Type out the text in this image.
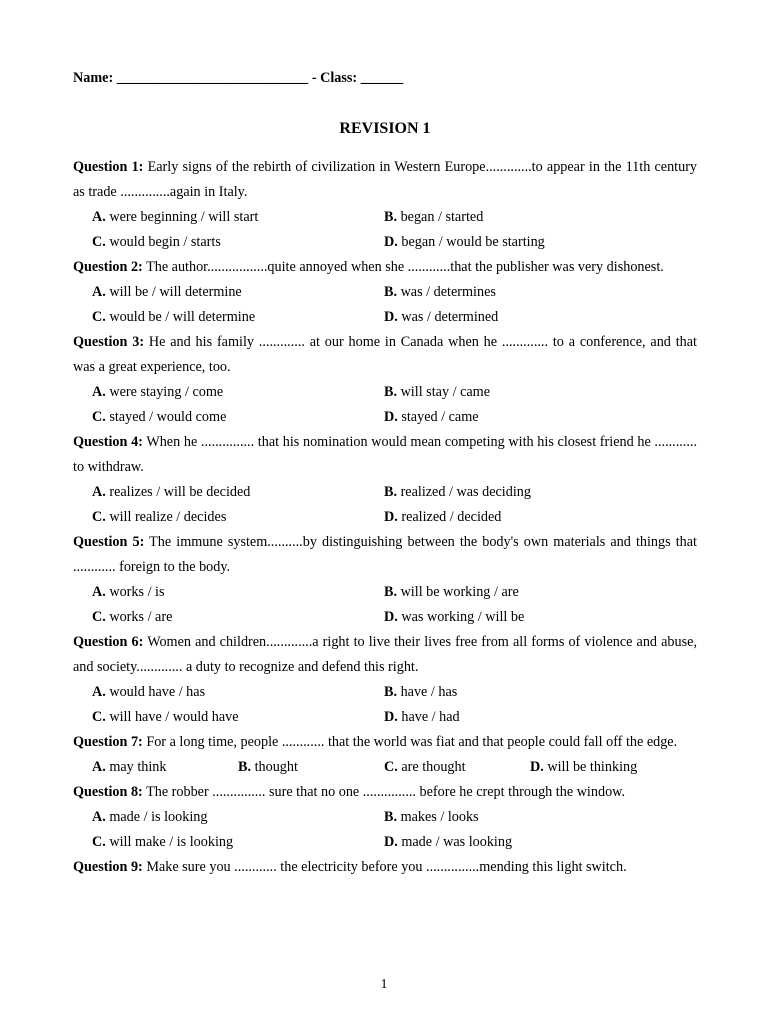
Name: ___________________________ - Class: ______
REVISION 1
Question 1: Early signs of the rebirth of civilization in Western Europe.............to appear in the 11th century as trade ..............again in Italy.
A. were beginning / will start	B. began / started
C. would begin / starts	D. began / would be starting
Question 2: The author.................quite annoyed when she ............that the publisher was very dishonest.
A. will be / will determine	B. was / determines
C. would be / will determine	D. was / determined
Question 3: He and his family ............. at our home in Canada when he ............. to a conference, and that was a great experience, too.
A. were staying / come	B. will stay / came
C. stayed / would come	D. stayed / came
Question 4: When he ............... that his nomination would mean competing with his closest friend he ............ to withdraw.
A. realizes / will be decided	B. realized / was deciding
C. will realize / decides	D. realized / decided
Question 5: The immune system..........by distinguishing between the body's own materials and things that ............ foreign to the body.
A. works / is	B. will be working / are
C. works / are	D. was working / will be
Question 6: Women and children.............a right to live their lives free from all forms of violence and abuse, and society............. a duty to recognize and defend this right.
A. would have / has	B. have / has
C. will have / would have	D. have / had
Question 7: For a long time, people ............ that the world was fiat and that people could fall off the edge.
A. may think	B. thought	C. are thought	D. will be thinking
Question 8: The robber ............... sure that no one ............... before he crept through the window.
A. made / is looking	B. makes / looks
C. will make / is looking	D. made / was looking
Question 9: Make sure you ............ the electricity before you ...............mending this light switch.
1
